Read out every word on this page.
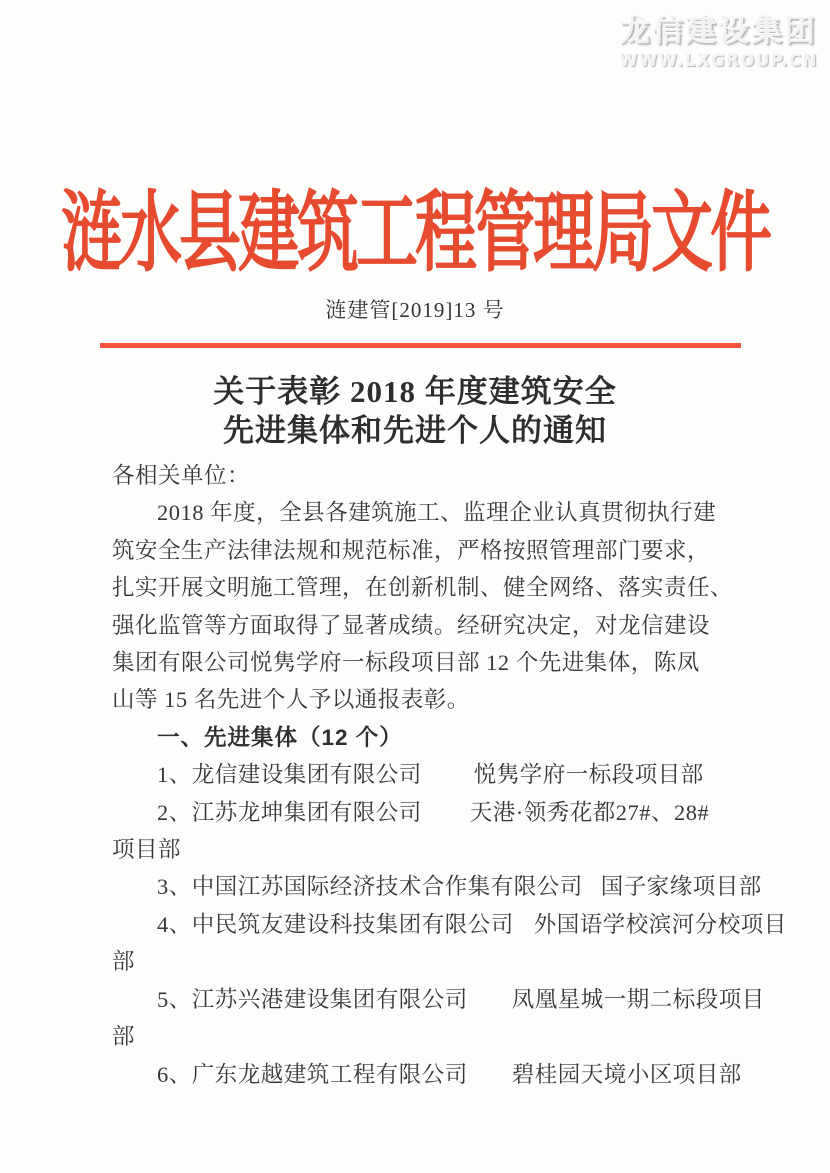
龙信建设集团
WWW.LXGROUP.CN
涟水县建筑工程管理局文件
涟建管[2019]13 号
关于表彰 2018 年度建筑安全
先进集体和先进个人的通知
各相关单位：
2018 年度，全县各建筑施工、监理企业认真贯彻执行建
筑安全生产法律法规和规范标准，严格按照管理部门要求，
扎实开展文明施工管理，在创新机制、健全网络、落实责任、
强化监管等方面取得了显著成绩。经研究决定，对龙信建设
集团有限公司悦隽学府一标段项目部 12 个先进集体，陈凤
山等 15 名先进个人予以通报表彰。
一、先进集体（12 个）
1、龙信建设集团有限公司 悦隽学府一标段项目部
2、江苏龙坤集团有限公司 天港·领秀花都27#、28#
项目部
3、中国江苏国际经济技术合作集有限公司 国子家缘项目部
4、中民筑友建设科技集团有限公司 外国语学校滨河分校项目
部
5、江苏兴港建设集团有限公司 凤凰星城一期二标段项目
部
6、广东龙越建筑工程有限公司 碧桂园天境小区项目部
